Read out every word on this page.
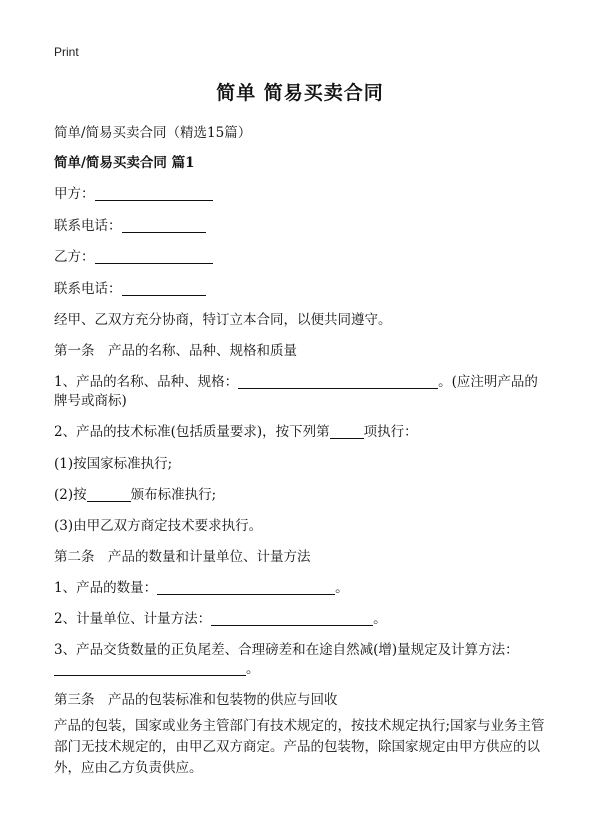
Print
简单 简易买卖合同
简单/简易买卖合同（精选15篇）
简单/简易买卖合同 篇1
甲方：
联系电话：
乙方：
联系电话：
经甲、乙双方充分协商，特订立本合同，以便共同遵守。
第一条　产品的名称、品种、规格和质量
1、产品的名称、品种、规格：	。(应注明产品的
牌号或商标)
2、产品的技术标准(包括质量要求)，按下列第	项执行：
(1)按国家标准执行;
(2)按	颁布标准执行;
(3)由甲乙双方商定技术要求执行。
第二条　产品的数量和计量单位、计量方法
1、产品的数量：	。
2、计量单位、计量方法：	。
3、产品交货数量的正负尾差、合理磅差和在途自然减(增)量规定及计算方法：
。
第三条　产品的包装标准和包装物的供应与回收
产品的包装，国家或业务主管部门有技术规定的，按技术规定执行;国家与业务主管部门无技术规定的，由甲乙双方商定。产品的包装物，除国家规定由甲方供应的以外，应由乙方负责供应。
